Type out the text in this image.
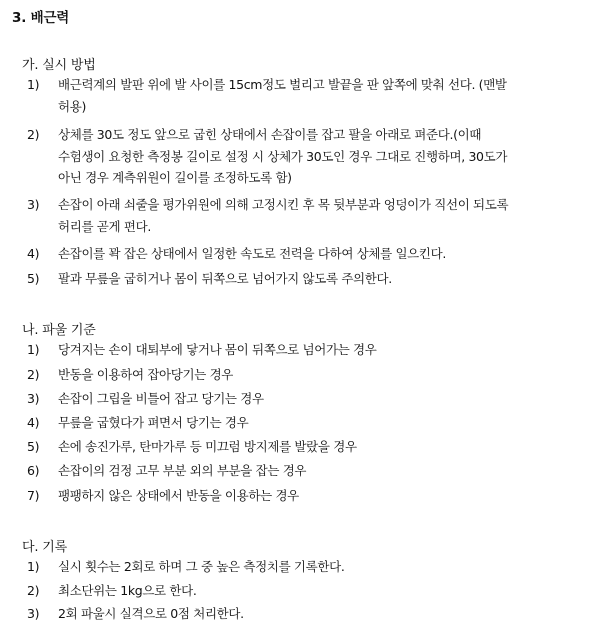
3. 배근력
가. 실시 방법
1) 배근력계의 발판 위에 발 사이를 15cm정도 벌리고 발끝을 판 앞쪽에 맞춰 선다. (맨발
허용)
2) 상체를 30도 정도 앞으로 굽힌 상태에서 손잡이를 잡고 팔을 아래로 펴준다.(이때
수험생이 요청한 측정봉 길이로 설정 시 상체가 30도인 경우 그대로 진행하며, 30도가
아닌 경우 계측위원이 길이를 조정하도록 함)
3) 손잡이 아래 쇠줄을 평가위원에 의해 고정시킨 후 목 뒷부분과 엉덩이가 직선이 되도록
허리를 곧게 편다.
4) 손잡이를 꽉 잡은 상태에서 일정한 속도로 전력을 다하여 상체를 일으킨다.
5) 팔과 무릎을 굽히거나 몸이 뒤쪽으로 넘어가지 않도록 주의한다.
나. 파울 기준
1) 당겨지는 손이 대퇴부에 닿거나 몸이 뒤쪽으로 넘어가는 경우
2) 반동을 이용하여 잡아당기는 경우
3) 손잡이 그립을 비틀어 잡고 당기는 경우
4) 무릎을 굽혔다가 펴면서 당기는 경우
5) 손에 송진가루, 탄마가루 등 미끄럼 방지제를 발랐을 경우
6) 손잡이의 검정 고무 부분 외의 부분을 잡는 경우
7) 팽팽하지 않은 상태에서 반동을 이용하는 경우
다. 기록
1) 실시 횟수는 2회로 하며 그 중 높은 측정치를 기록한다.
2) 최소단위는 1kg으로 한다.
3) 2회 파울시 실격으로 0점 처리한다.
